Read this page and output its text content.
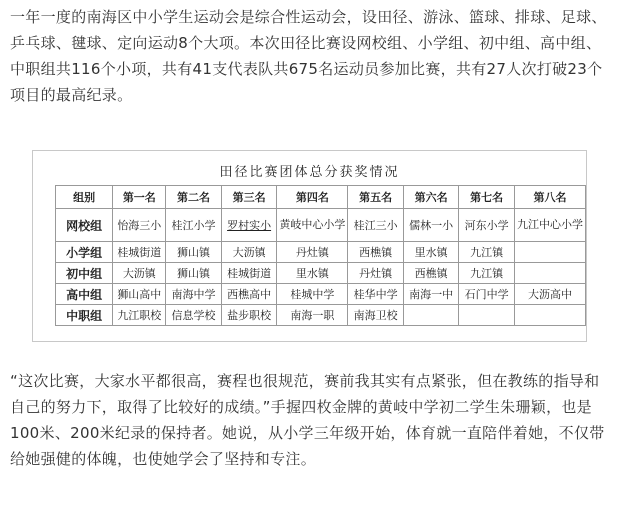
一年一度的南海区中小学生运动会是综合性运动会，设田径、游泳、篮球、排球、足球、乒乓球、毽球、定向运动8个大项。本次田径比赛设网校组、小学组、初中组、高中组、中职组共116个小项，共有41支代表队共675名运动员参加比赛，共有27人次打破23个项目的最高纪录。

田径比赛团体总分获奖情况
组别	第一名	第二名	第三名	第四名	第五名	第六名	第七名	第八名
网校组	怡海三小	桂江小学	罗村实小	黄岐中心小学	桂江三小	儒林一小	河东小学	九江中心小学
小学组	桂城街道	狮山镇	大沥镇	丹灶镇	西樵镇	里水镇	九江镇	
初中组	大沥镇	狮山镇	桂城街道	里水镇	丹灶镇	西樵镇	九江镇	
高中组	狮山高中	南海中学	西樵高中	桂城中学	桂华中学	南海一中	石门中学	大沥高中
中职组	九江职校	信息学校	盐步职校	南海一职	南海卫校			

“这次比赛，大家水平都很高，赛程也很规范，赛前我其实有点紧张，但在教练的指导和自己的努力下，取得了比较好的成绩。”手握四枚金牌的黄岐中学初二学生朱珊颖，也是100米、200米纪录的保持者。她说，从小学三年级开始，体育就一直陪伴着她，不仅带给她强健的体魄，也使她学会了坚持和专注。
